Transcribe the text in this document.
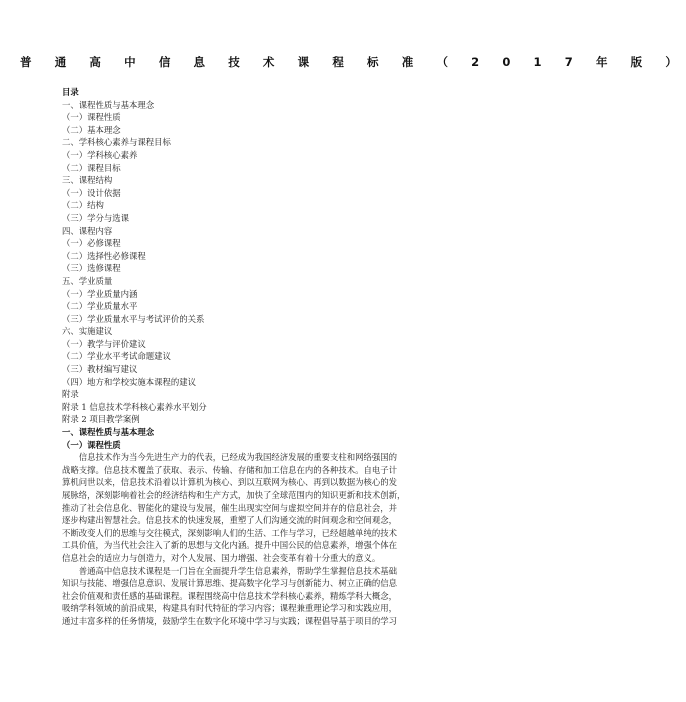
普 通 高 中 信 息 技 术 课 程 标 准 （ 2 0 1 7 年 版 ）

目录

一、课程性质与基本理念
（一）课程性质
（二）基本理念
二、学科核心素养与课程目标
（一）学科核心素养
（二）课程目标
三、课程结构
（一）设计依据
（二）结构
（三）学分与选课
四、课程内容
（一）必修课程
（二）选择性必修课程
（三）选修课程
五、学业质量
（一）学业质量内涵
（二）学业质量水平
（三）学业质量水平与考试评价的关系
六、实施建议
（一）教学与评价建议
（二）学业水平考试命题建议
（三）教材编写建议
（四）地方和学校实施本课程的建议
附录
附录 1 信息技术学科核心素养水平划分
附录 2 项目教学案例

一、课程性质与基本理念

（一）课程性质

　　信息技术作为当今先进生产力的代表，已经成为我国经济发展的重要支柱和网络强国的
战略支撑。信息技术覆盖了获取、表示、传输、存储和加工信息在内的各种技术。自电子计
算机问世以来，信息技术沿着以计算机为核心、到以互联网为核心、再到以数据为核心的发
展脉络，深刻影响着社会的经济结构和生产方式，加快了全球范围内的知识更新和技术创新，
推动了社会信息化、智能化的建设与发展，催生出现实空间与虚拟空间并存的信息社会，并
逐步构建出智慧社会。信息技术的快速发展，重塑了人们沟通交流的时间观念和空间观念，
不断改变人们的思维与交往模式，深刻影响人们的生活、工作与学习，已经超越单纯的技术
工具价值，为当代社会注入了新的思想与文化内涵。提升中国公民的信息素养，增强个体在
信息社会的适应力与创造力，对个人发展、国力增强、社会变革有着十分重大的意义。
　　普通高中信息技术课程是一门旨在全面提升学生信息素养，帮助学生掌握信息技术基础
知识与技能、增强信息意识、发展计算思维、提高数字化学习与创新能力、树立正确的信息
社会价值观和责任感的基础课程。课程围绕高中信息技术学科核心素养，精炼学科大概念，
吸纳学科领域的前沿成果，构建具有时代特征的学习内容；课程兼重理论学习和实践应用，
通过丰富多样的任务情境，鼓励学生在数字化环境中学习与实践；课程倡导基于项目的学习
